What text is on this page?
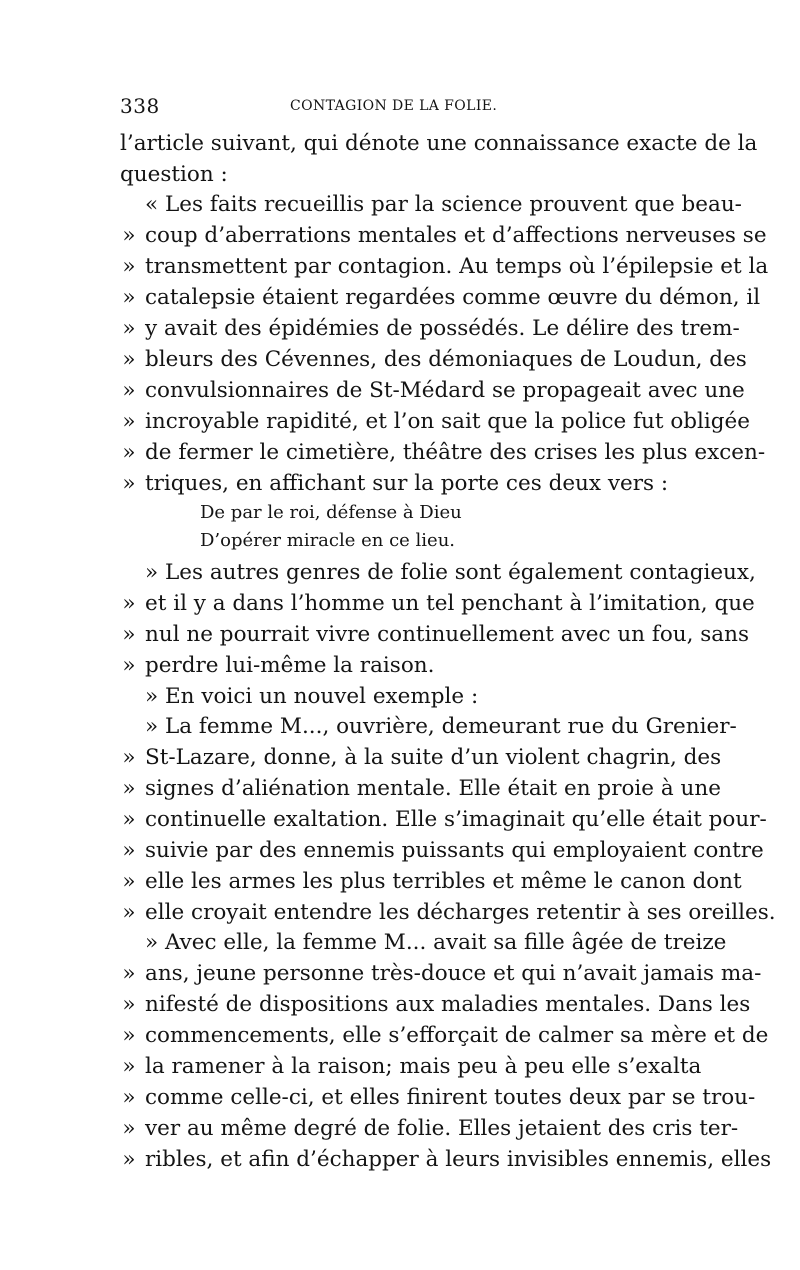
338	CONTAGION DE LA FOLIE.
l’article suivant, qui dénote une connaissance exacte de la
question :
« Les faits recueillis par la science prouvent que beau-
» coup d’aberrations mentales et d’affections nerveuses se
» transmettent par contagion. Au temps où l’épilepsie et la
» catalepsie étaient regardées comme œuvre du démon, il
» y avait des épidémies de possédés. Le délire des trem-
» bleurs des Cévennes, des démoniaques de Loudun, des
» convulsionnaires de St-Médard se propageait avec une
» incroyable rapidité, et l’on sait que la police fut obligée
» de fermer le cimetière, théâtre des crises les plus excen-
» triques, en affichant sur la porte ces deux vers :
De par le roi, défense à Dieu
D’opérer miracle en ce lieu.
» Les autres genres de folie sont également contagieux,
» et il y a dans l’homme un tel penchant à l’imitation, que
» nul ne pourrait vivre continuellement avec un fou, sans
» perdre lui-même la raison.
» En voici un nouvel exemple :
» La femme M..., ouvrière, demeurant rue du Grenier-
» St-Lazare, donne, à la suite d’un violent chagrin, des
» signes d’aliénation mentale. Elle était en proie à une
» continuelle exaltation. Elle s’imaginait qu’elle était pour-
» suivie par des ennemis puissants qui employaient contre
» elle les armes les plus terribles et même le canon dont
» elle croyait entendre les décharges retentir à ses oreilles.
» Avec elle, la femme M... avait sa fille âgée de treize
» ans, jeune personne très-douce et qui n’avait jamais ma-
» nifesté de dispositions aux maladies mentales. Dans les
» commencements, elle s’efforçait de calmer sa mère et de
» la ramener à la raison; mais peu à peu elle s’exalta
» comme celle-ci, et elles finirent toutes deux par se trou-
» ver au même degré de folie. Elles jetaient des cris ter-
» ribles, et afin d’échapper à leurs invisibles ennemis, elles
